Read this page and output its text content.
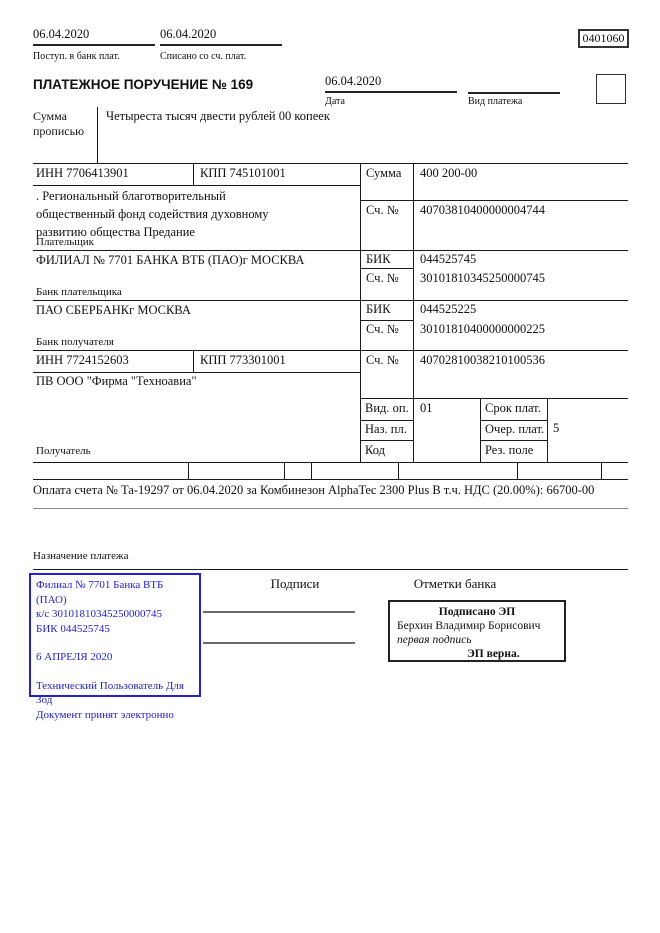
06.04.2020
Поступ. в банк плат.
06.04.2020
Списано со сч. плат.
0401060
ПЛАТЕЖНОЕ ПОРУЧЕНИЕ № 169	06.04.2020
Дата	Вид платежа
Сумма
прописью
Четыреста тысяч двести рублей 00 копеек
ИНН 7706413901	КПП 745101001	Сумма 400 200-00
. Региональный благотворительный
общественный фонд содействия духовному
развитию общества Предание
Плательщик
Сч. № 40703810400000004744
ФИЛИАЛ № 7701 БАНКА ВТБ (ПАО)г МОСКВА	БИК 044525745
Сч. № 30101810345250000745
Банк плательщика
ПАО СБЕРБАНКг МОСКВА	БИК 044525225
Сч. № 30101810400000000225
Банк получателя
ИНН 7724152603	КПП 773301001	Сч. № 40702810038210100536
ПВ ООО "Фирма "Техноавиа"
Получатель
Вид. оп. 01	Срок плат.
Наз. пл.	Очер. плат. 5
Код	Рез. поле
Оплата счета № Та-19297 от 06.04.2020 за Комбинезон AlphaTec 2300 Plus В т.ч. НДС (20.00%): 66700-00
Назначение платежа
Филиал № 7701 Банка ВТБ (ПАО)
к/с 30101810345250000745
БИК 044525745
6 АПРЕЛЯ 2020
Технический Пользователь Для
Зод
Документ принят электронно
Подписи	Отметки банка
Подписано ЭП
Берхин Владимир Борисович
первая подпись
ЭП верна.
